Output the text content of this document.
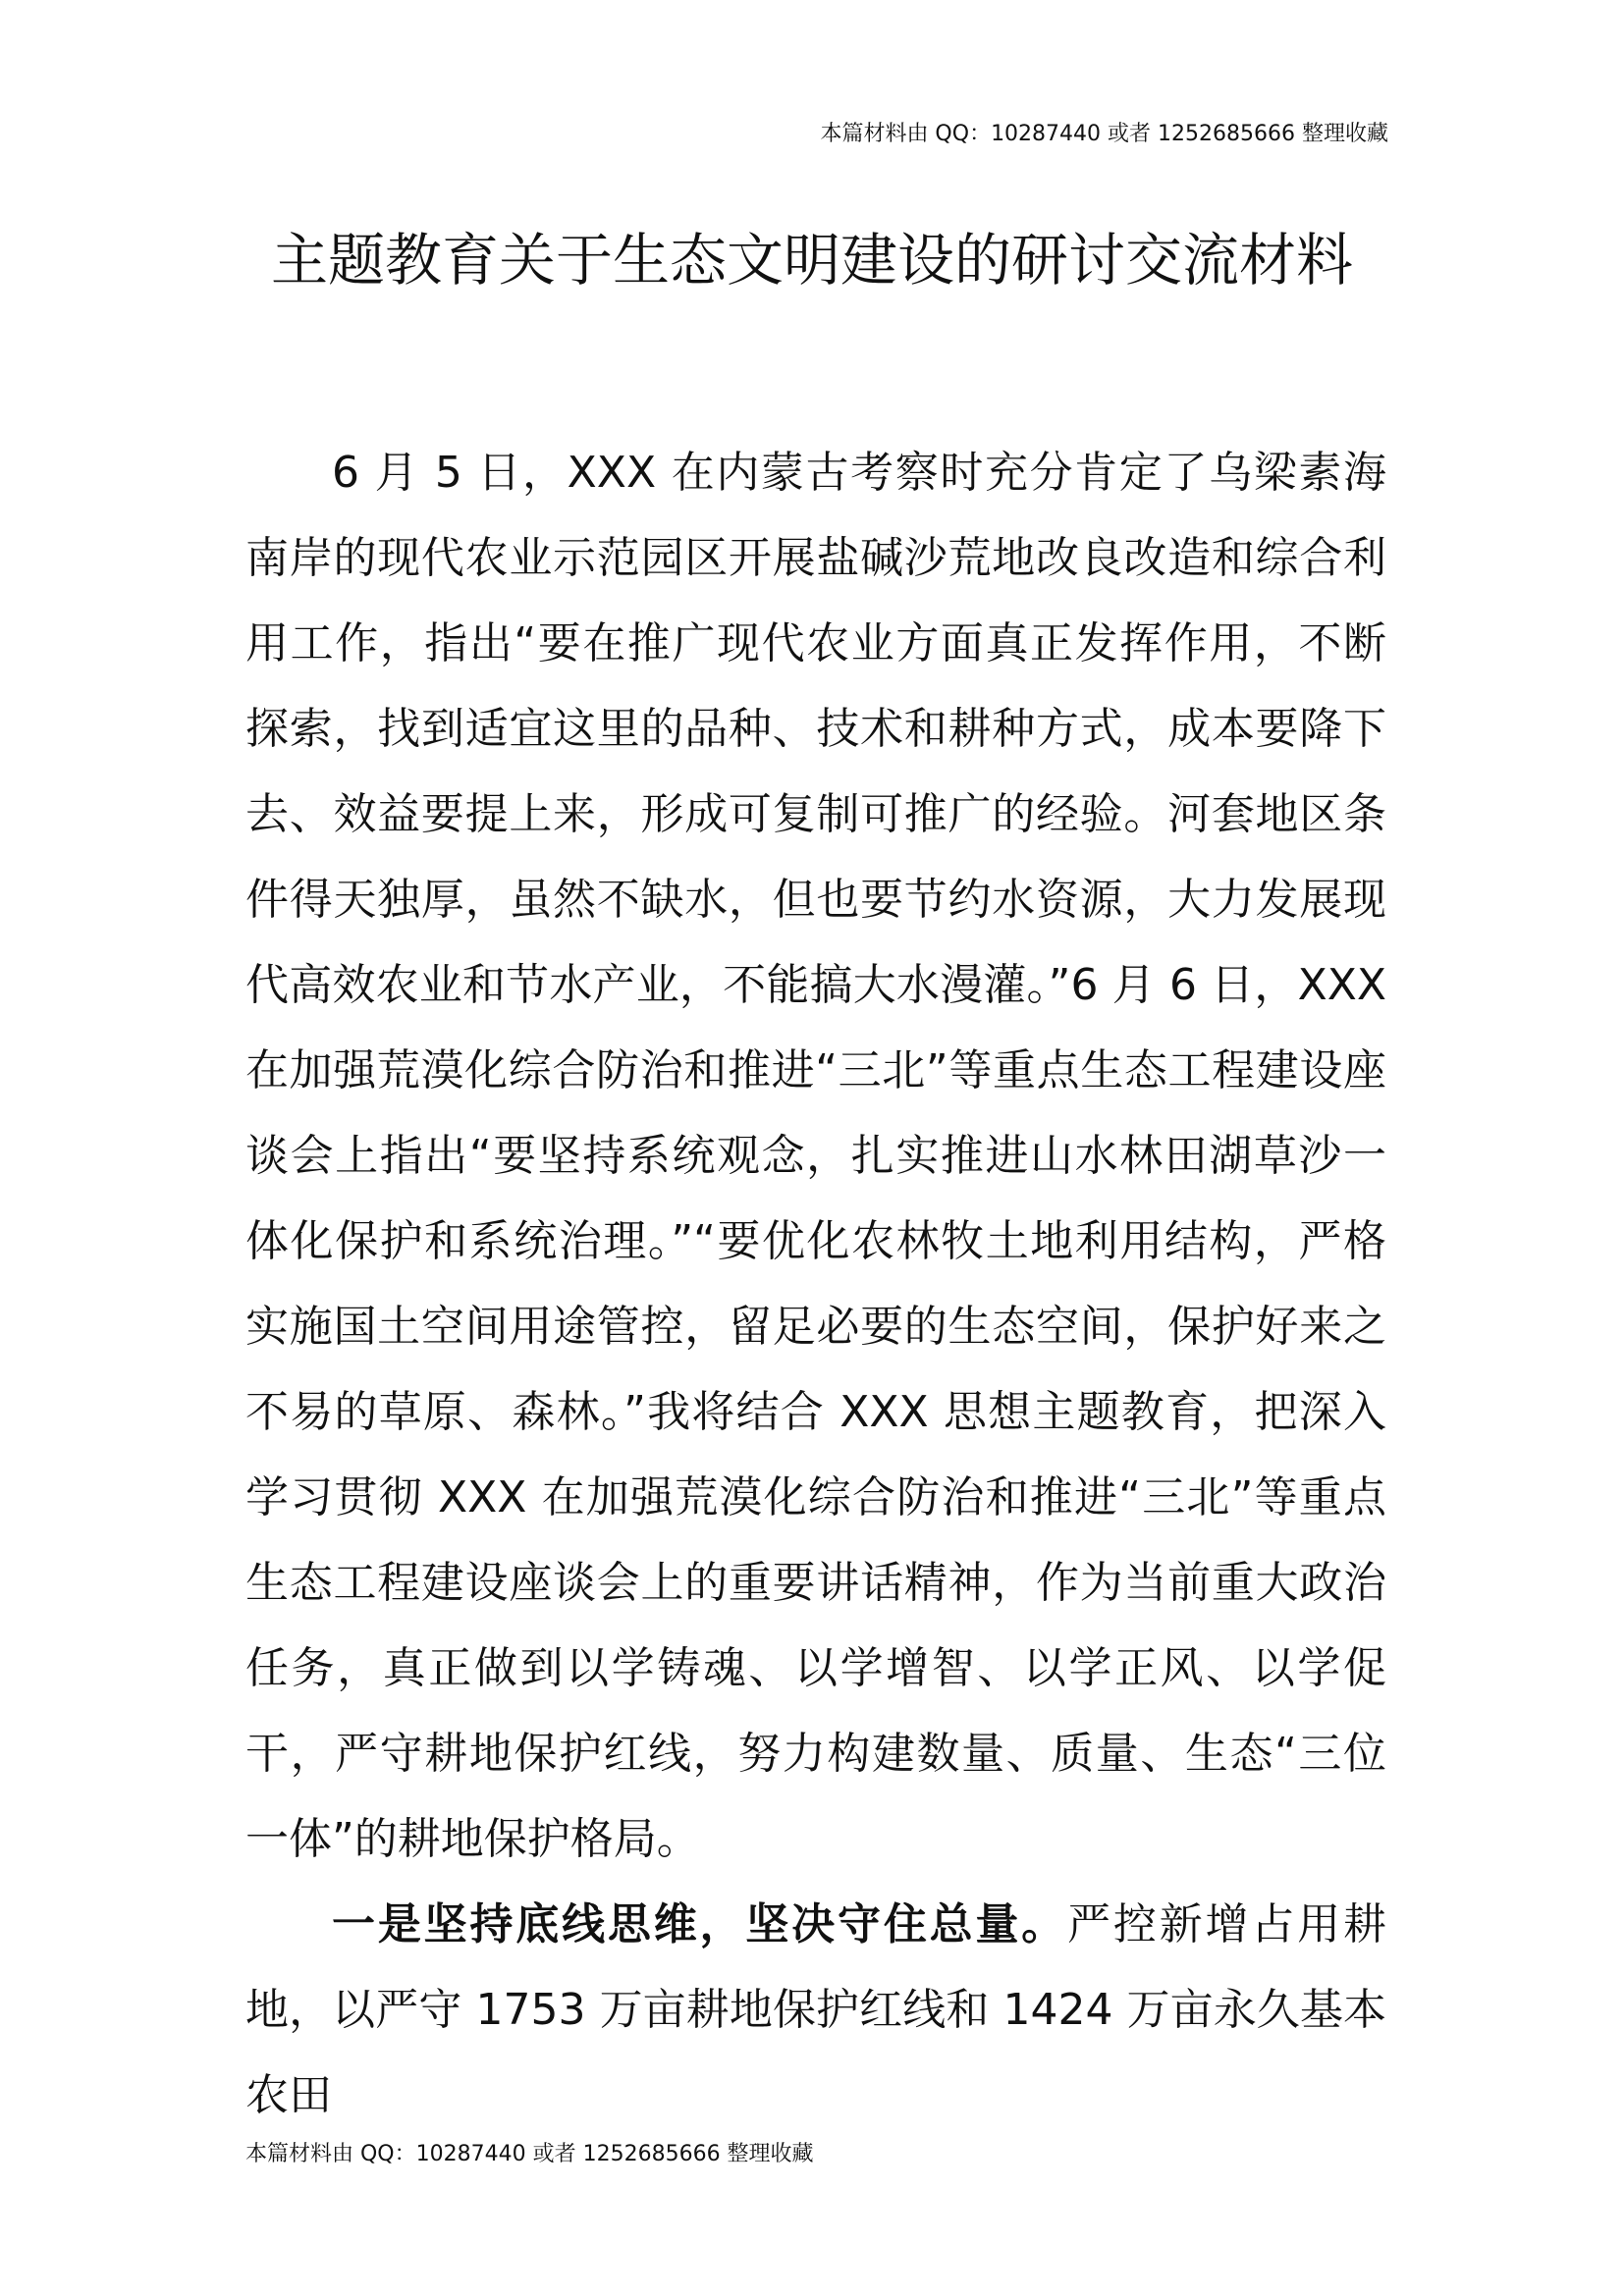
本篇材料由 QQ：10287440 或者 1252685666 整理收藏

主题教育关于生态文明建设的研讨交流材料

6 月 5 日，XXX 在内蒙古考察时充分肯定了乌梁素海南岸的现代农业示范园区开展盐碱沙荒地改良改造和综合利用工作，指出“要在推广现代农业方面真正发挥作用，不断探索，找到适宜这里的品种、技术和耕种方式，成本要降下去、效益要提上来，形成可复制可推广的经验。河套地区条件得天独厚，虽然不缺水，但也要节约水资源，大力发展现代高效农业和节水产业，不能搞大水漫灌。”6 月 6 日，XXX 在加强荒漠化综合防治和推进“三北”等重点生态工程建设座谈会上指出“要坚持系统观念，扎实推进山水林田湖草沙一体化保护和系统治理。”“要优化农林牧土地利用结构，严格实施国土空间用途管控，留足必要的生态空间，保护好来之不易的草原、森林。”我将结合 XXX 思想主题教育，把深入学习贯彻 XXX 在加强荒漠化综合防治和推进“三北”等重点生态工程建设座谈会上的重要讲话精神，作为当前重大政治任务，真正做到以学铸魂、以学增智、以学正风、以学促干，严守耕地保护红线，努力构建数量、质量、生态“三位一体”的耕地保护格局。

一是坚持底线思维，坚决守住总量。严控新增占用耕地，以严守 1753 万亩耕地保护红线和 1424 万亩永久基本农田

本篇材料由 QQ：10287440 或者 1252685666 整理收藏
